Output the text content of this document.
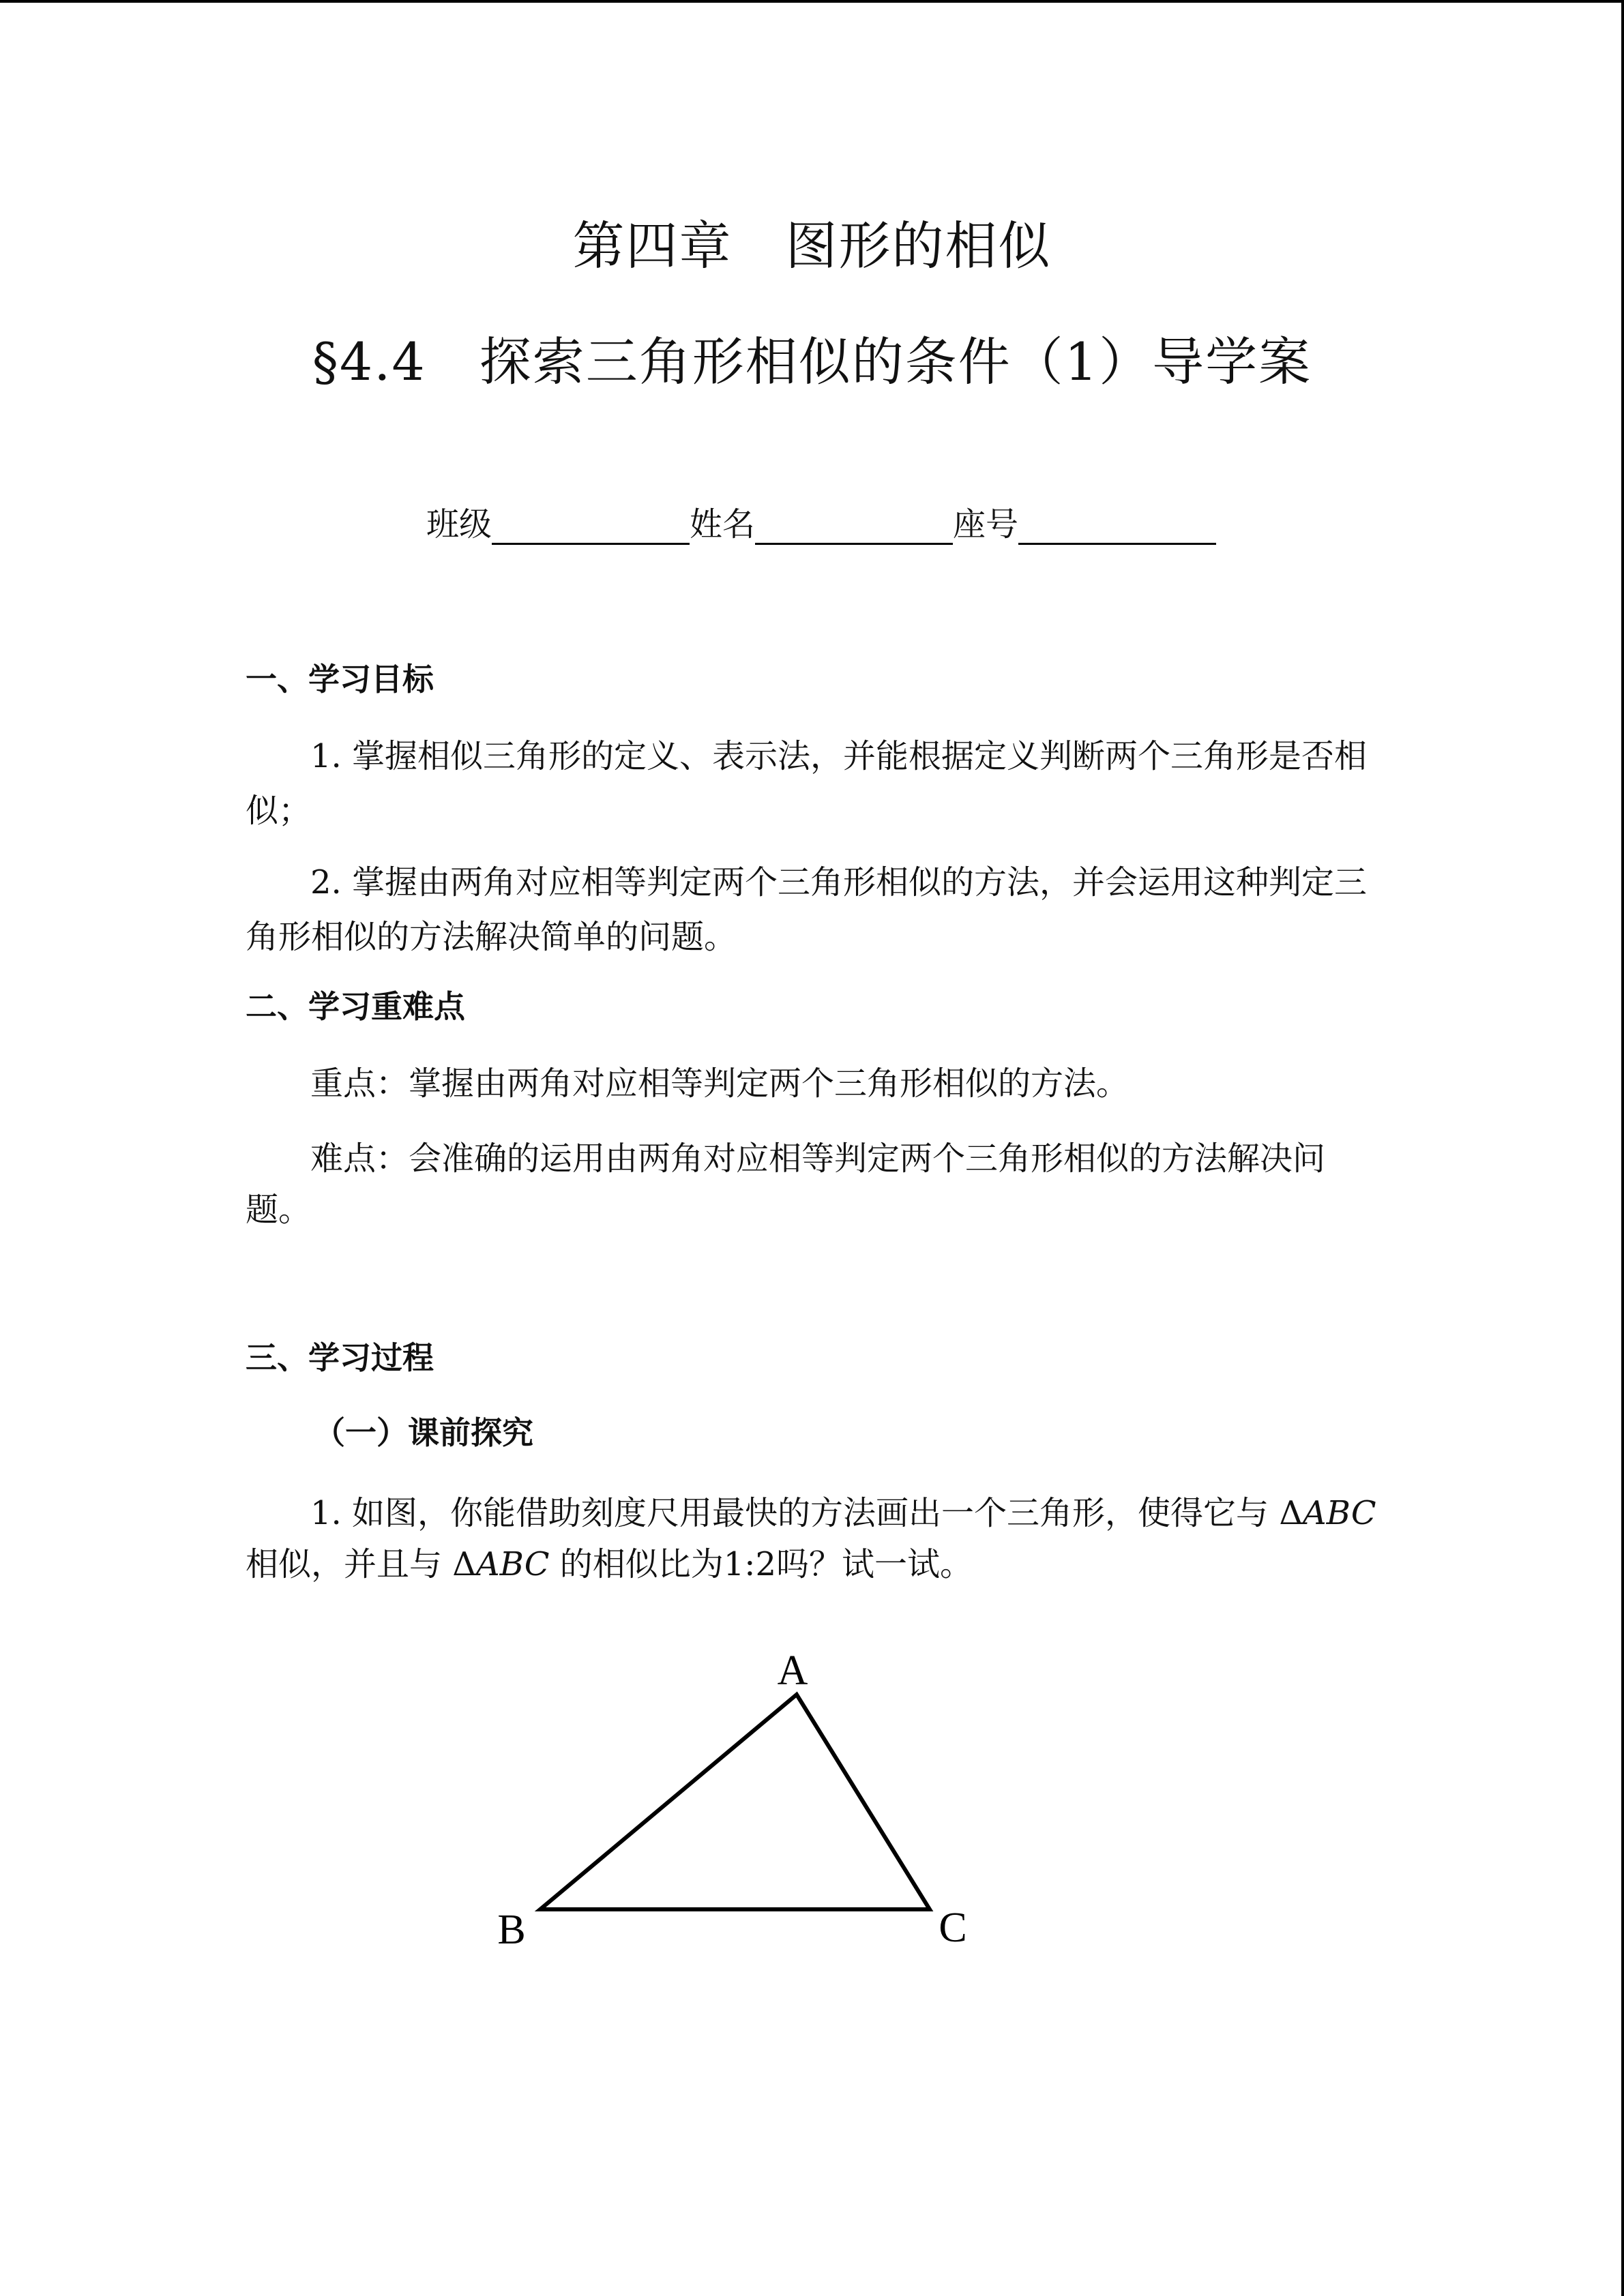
第四章　图形的相似
§4.4　探索三角形相似的条件（1）导学案
班级	姓名	座号
一、学习目标
1. 掌握相似三角形的定义、表示法，并能根据定义判断两个三角形是否相
似；
2. 掌握由两角对应相等判定两个三角形相似的方法，并会运用这种判定三
角形相似的方法解决简单的问题。
二、学习重难点
重点：掌握由两角对应相等判定两个三角形相似的方法。
难点：会准确的运用由两角对应相等判定两个三角形相似的方法解决问
题。
三、学习过程
（一）课前探究
1. 如图，你能借助刻度尺用最快的方法画出一个三角形，使得它与 ΔABC
相似，并且与 ΔABC 的相似比为1:2吗？试一试。
A
B	C
